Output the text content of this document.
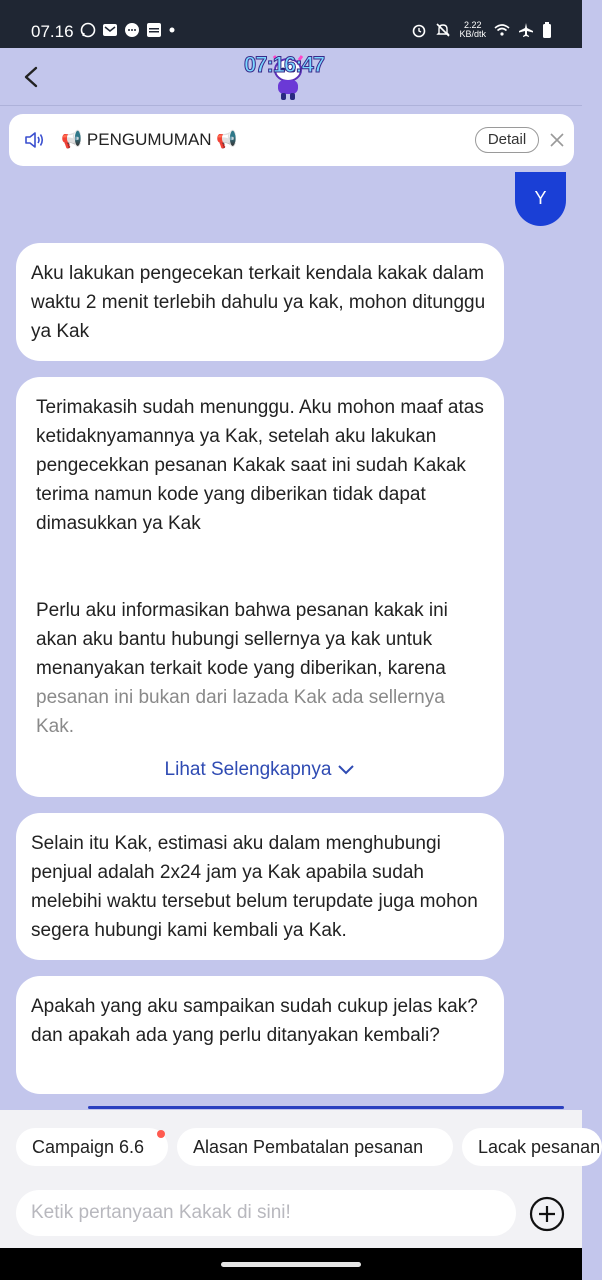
07.16	2.22
KB/dtk
07:16:47
📢 PENGUMUMAN 📢	Detail
Y

Aku lakukan pengecekan terkait kendala kakak dalam waktu 2 menit terlebih dahulu ya kak, mohon ditunggu ya Kak

Terimakasih sudah menunggu. Aku mohon maaf atas ketidaknyamannya ya Kak, setelah aku lakukan pengecekkan pesanan Kakak saat ini sudah Kakak terima namun kode yang diberikan tidak dapat dimasukkan ya Kak

Perlu aku informasikan bahwa pesanan kakak ini akan aku bantu hubungi sellernya ya kak untuk menanyakan terkait kode yang diberikan, karena pesanan ini bukan dari lazada Kak ada sellernya Kak.

Lihat Selengkapnya

Selain itu Kak, estimasi aku dalam menghubungi penjual adalah 2x24 jam ya Kak apabila sudah melebihi waktu tersebut belum terupdate juga mohon segera hubungi kami kembali ya Kak.

Apakah yang aku sampaikan sudah cukup jelas kak? dan apakah ada yang perlu ditanyakan kembali?

Campaign 6.6	Alasan Pembatalan pesanan	Lacak pesanan
Ketik pertanyaan Kakak di sini!
